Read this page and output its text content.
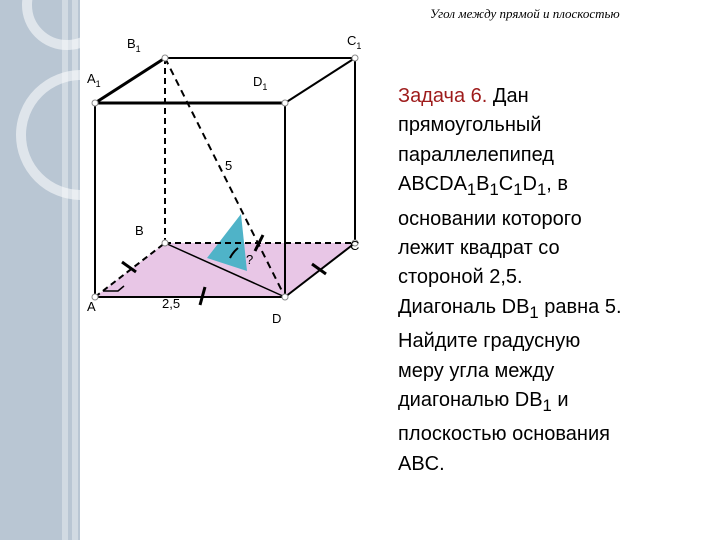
Угол между прямой и плоскостью
$B_1$
$C_1$
$A_1$	$D_1$
B
C
A
D
5
2,5
?
Задача 6. Дан
прямоугольный
параллелепипед
$ABCDA_1B_1C_1D_1$, в
основании которого
лежит квадрат со
стороной 2,5.
Диагональ $DB_1$ равна 5.
Найдите градусную
меру угла между
диагональю $DB_1$ и
плоскостью основания
ABC.
